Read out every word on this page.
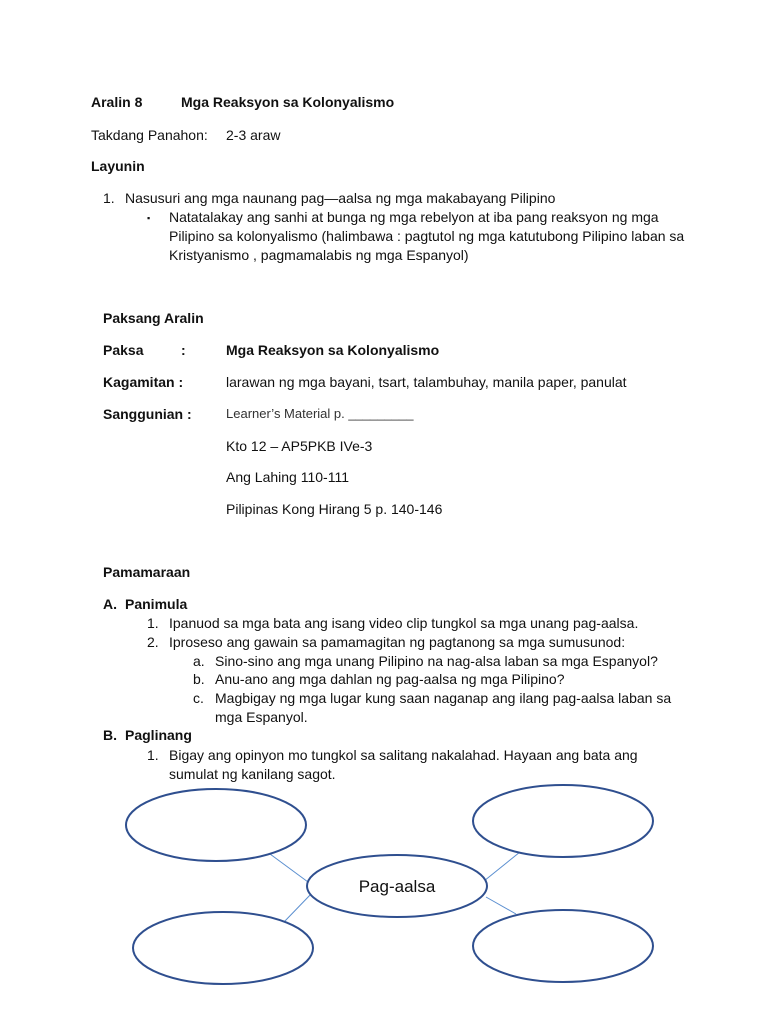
Aralin 8	Mga Reaksyon sa Kolonyalismo
Takdang Panahon: 2-3 araw
Layunin
1. Nasusuri ang mga naunang pag—aalsa ng mga makabayang Pilipino
▪ Natatalakay ang sanhi at bunga ng mga rebelyon at iba pang reaksyon ng mga
Pilipino sa kolonyalismo (halimbawa : pagtutol ng mga katutubong Pilipino laban sa
Kristyanismo , pagmamalabis ng mga Espanyol)
Paksang Aralin
Paksa	:	Mga Reaksyon sa Kolonyalismo
Kagamitan :	larawan ng mga bayani, tsart, talambuhay, manila paper, panulat
Sanggunian :	Learner’s Material p. _________
Kto 12 – AP5PKB IVe-3
Ang Lahing 110-111
Pilipinas Kong Hirang 5 p. 140-146
Pamamaraan
A. Panimula
1. Ipanuod sa mga bata ang isang video clip tungkol sa mga unang pag-aalsa.
2. Iproseso ang gawain sa pamamagitan ng pagtanong sa mga sumusunod:
a. Sino-sino ang mga unang Pilipino na nag-alsa laban sa mga Espanyol?
b. Anu-ano ang mga dahlan ng pag-aalsa ng mga Pilipino?
c. Magbigay ng mga lugar kung saan naganap ang ilang pag-aalsa laban sa
mga Espanyol.
B. Paglinang
1. Bigay ang opinyon mo tungkol sa salitang nakalahad. Hayaan ang bata ang
sumulat ng kanilang sagot.
Pag-aalsa
